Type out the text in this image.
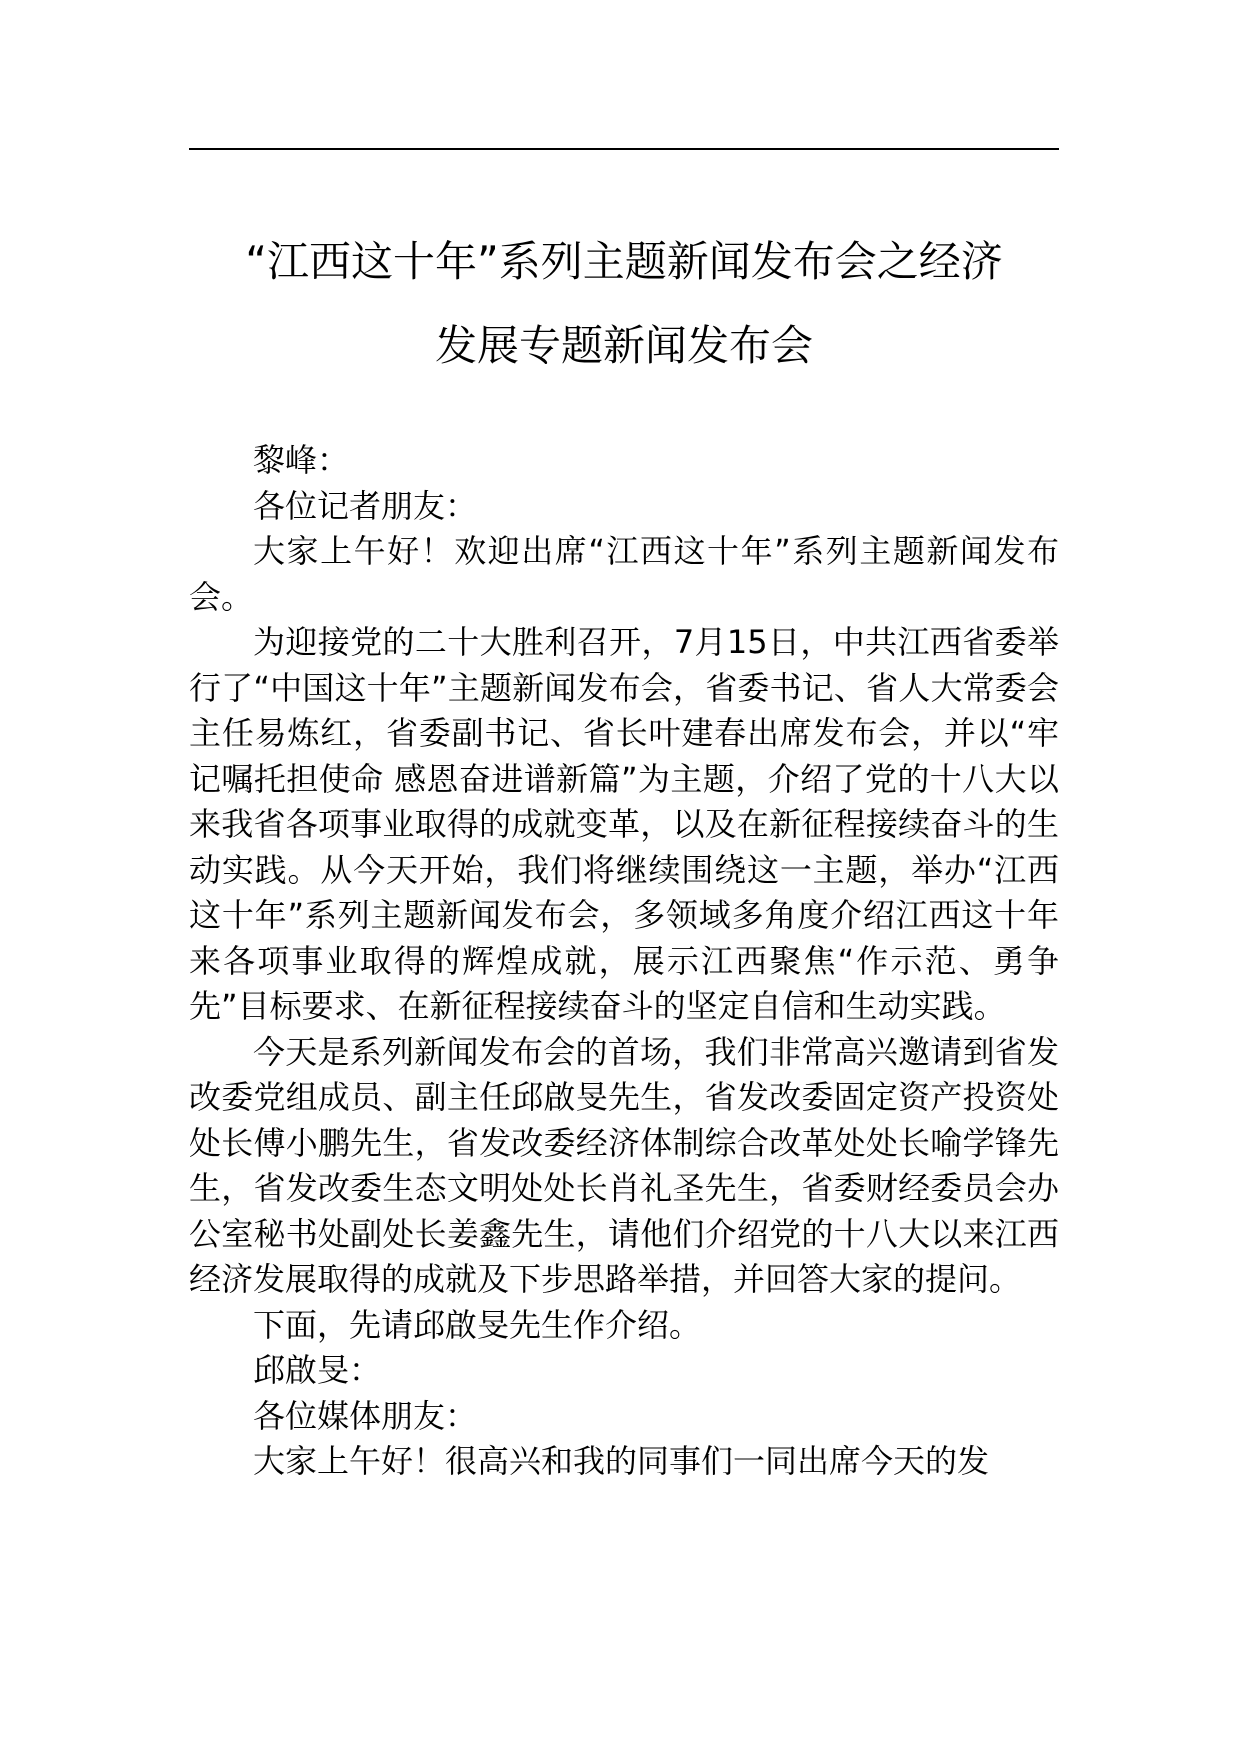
“江西这十年”系列主题新闻发布会之经济
发展专题新闻发布会

黎峰：

各位记者朋友：

大家上午好！欢迎出席“江西这十年”系列主题新闻发布会。

为迎接党的二十大胜利召开，7月15日，中共江西省委举行了“中国这十年”主题新闻发布会，省委书记、省人大常委会主任易炼红，省委副书记、省长叶建春出席发布会，并以“牢记嘱托担使命 感恩奋进谱新篇”为主题，介绍了党的十八大以来我省各项事业取得的成就变革，以及在新征程接续奋斗的生动实践。从今天开始，我们将继续围绕这一主题，举办“江西这十年”系列主题新闻发布会，多领域多角度介绍江西这十年来各项事业取得的辉煌成就，展示江西聚焦“作示范、勇争先”目标要求、在新征程接续奋斗的坚定自信和生动实践。

今天是系列新闻发布会的首场，我们非常高兴邀请到省发改委党组成员、副主任邱啟旻先生，省发改委固定资产投资处处长傅小鹏先生，省发改委经济体制综合改革处处长喻学锋先生，省发改委生态文明处处长肖礼圣先生，省委财经委员会办公室秘书处副处长姜鑫先生，请他们介绍党的十八大以来江西经济发展取得的成就及下步思路举措，并回答大家的提问。

下面，先请邱啟旻先生作介绍。

邱啟旻：

各位媒体朋友：

大家上午好！很高兴和我的同事们一同出席今天的发
